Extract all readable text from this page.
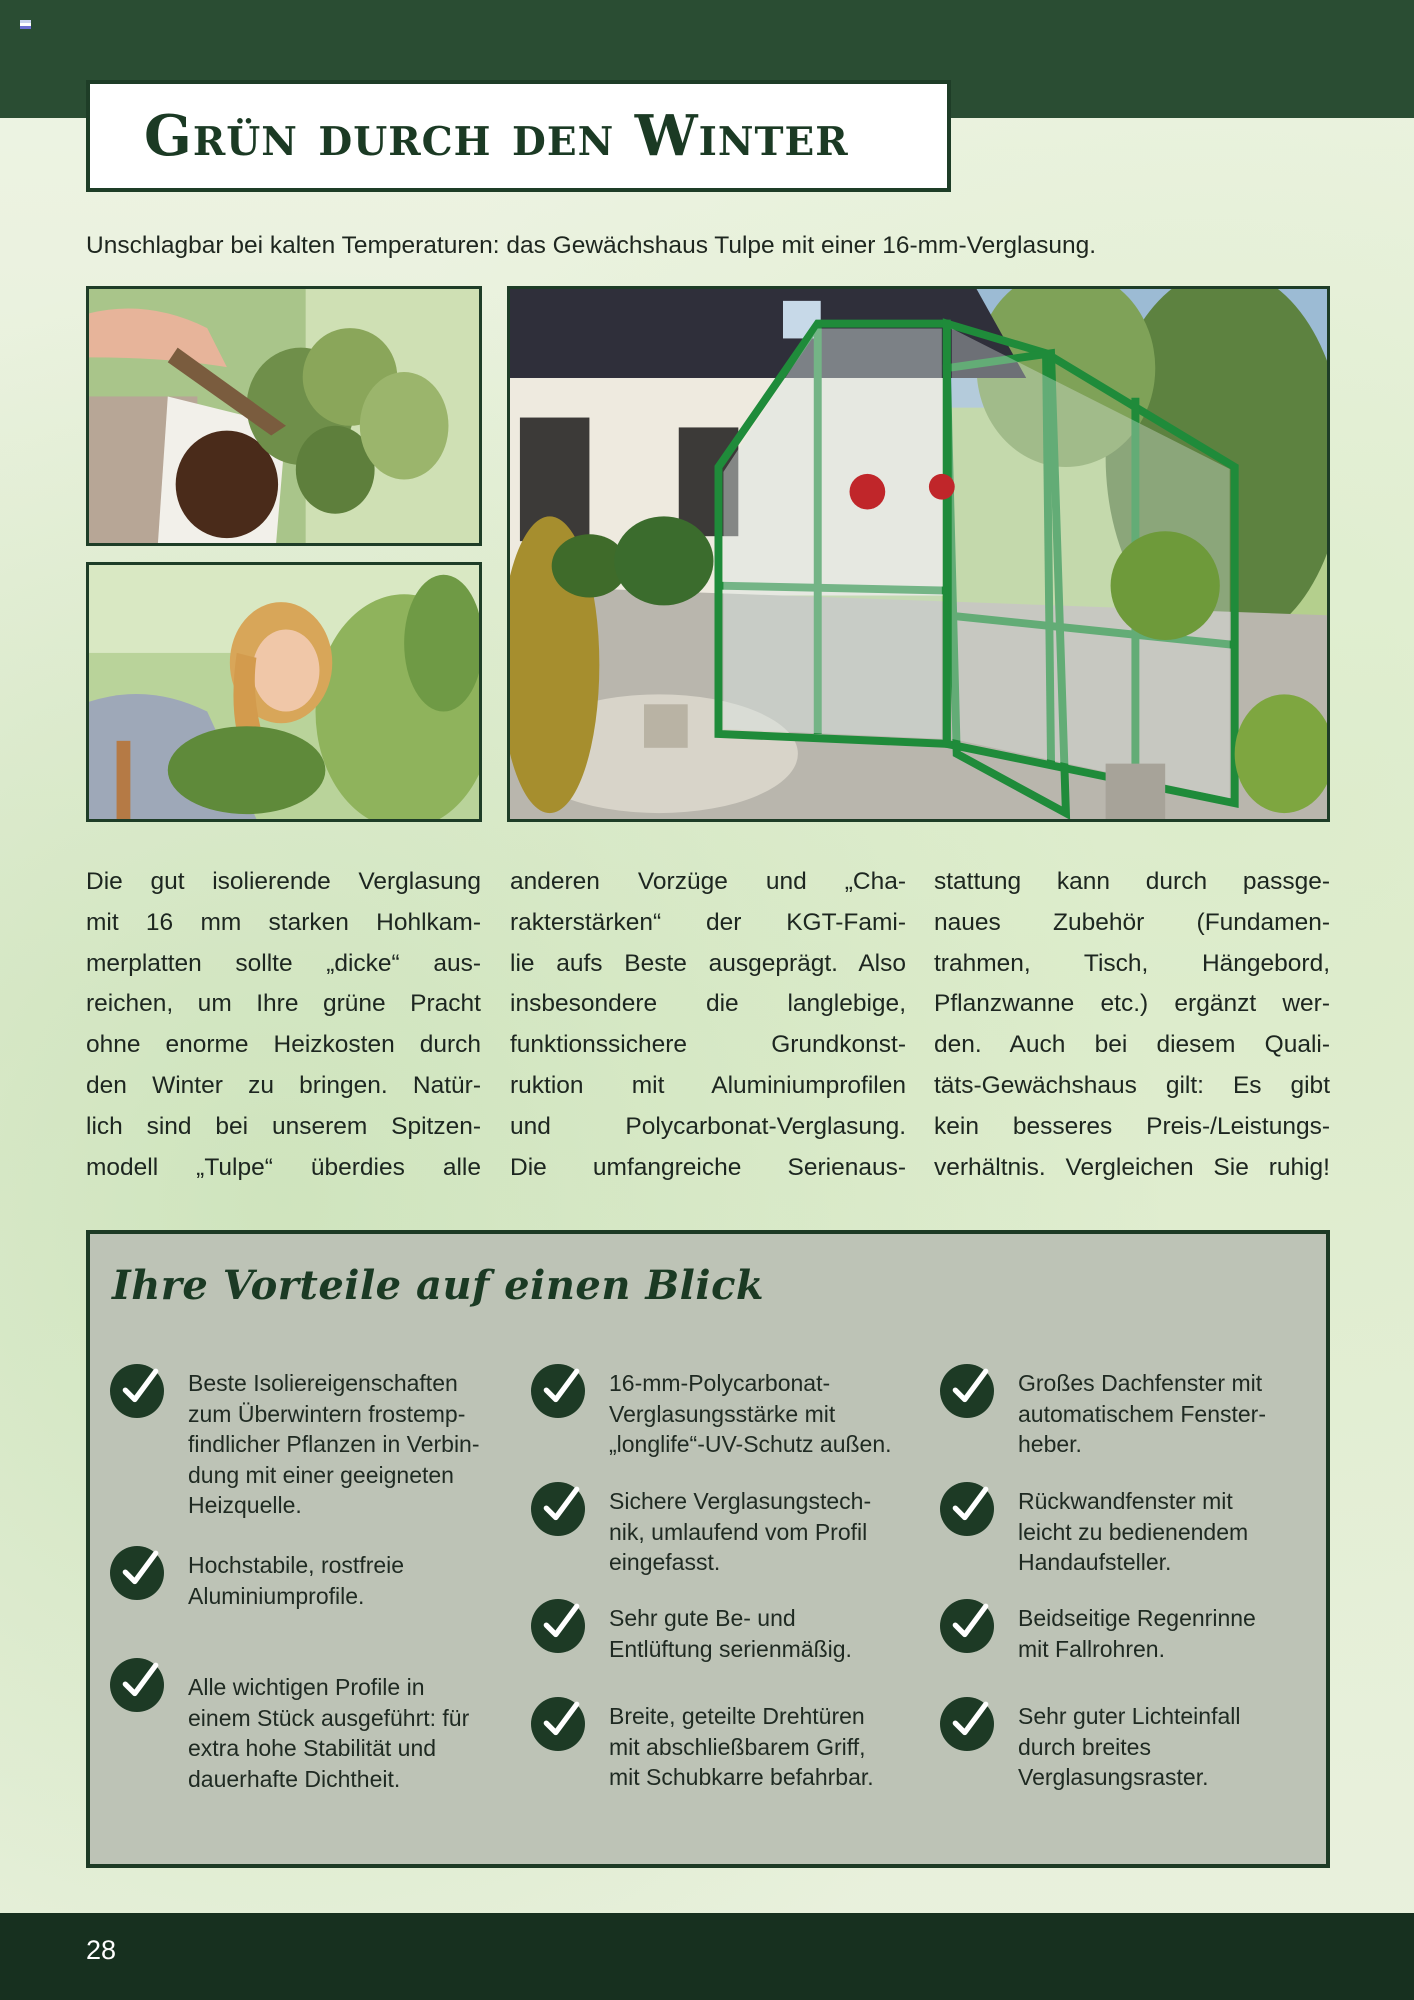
Grün durch den Winter

Unschlagbar bei kalten Temperaturen: das Gewächshaus Tulpe mit einer 16-mm-Verglasung.

Die gut isolierende Verglasung
mit 16 mm starken Hohlkam-
merplatten sollte „dicke“ aus-
reichen, um Ihre grüne Pracht
ohne enorme Heizkosten durch
den Winter zu bringen. Natür-
lich sind bei unserem Spitzen-
modell „Tulpe“ überdies alle
anderen Vorzüge und „Cha-
rakterstärken“ der KGT-Fami-
lie aufs Beste ausgeprägt. Also
insbesondere die langlebige,
funktionssichere Grundkonst-
ruktion mit Aluminiumprofilen
und Polycarbonat-Verglasung.
Die umfangreiche Serienaus-
stattung kann durch passge-
naues Zubehör (Fundamen-
trahmen, Tisch, Hängebord,
Pflanzwanne etc.) ergänzt wer-
den. Auch bei diesem Quali-
täts-Gewächshaus gilt: Es gibt
kein besseres Preis-/Leistungs-
verhältnis. Vergleichen Sie ruhig!
Ihre Vorteile auf einen Blick
Beste Isoliereigenschaften
zum Überwintern frostemp-
findlicher Pflanzen in Verbin-
dung mit einer geeigneten
Heizquelle.
Hochstabile, rostfreie
Aluminiumprofile.
Alle wichtigen Profile in
einem Stück ausgeführt: für
extra hohe Stabilität und
dauerhafte Dichtheit.
16-mm-Polycarbonat-
Verglasungsstärke mit
„longlife“-UV-Schutz außen.
Sichere Verglasungstech-
nik, umlaufend vom Profil
eingefasst.
Sehr gute Be- und
Entlüftung serienmäßig.
Breite, geteilte Drehtüren
mit abschließbarem Griff,
mit Schubkarre befahrbar.
Großes Dachfenster mit
automatischem Fenster-
heber.
Rückwandfenster mit
leicht zu bedienendem
Handaufsteller.
Beidseitige Regenrinne
mit Fallrohren.
Sehr guter Lichteinfall
durch breites
Verglasungsraster.
28
